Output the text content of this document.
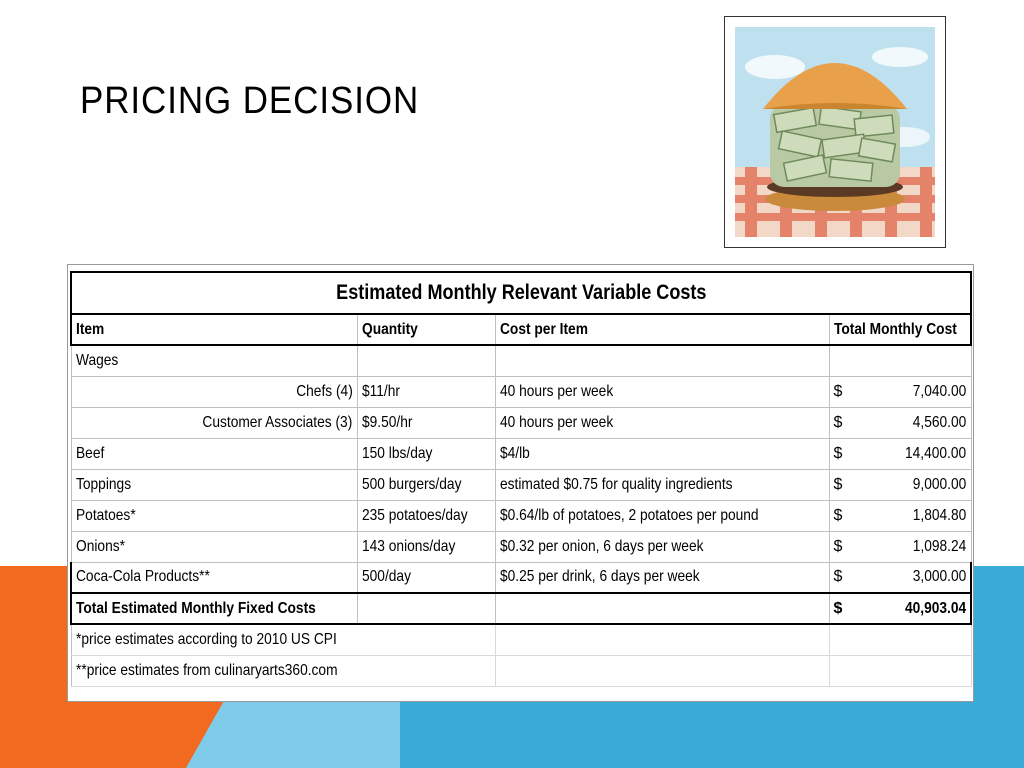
PRICING DECISION
Estimated Monthly Relevant Variable Costs			
Item	Quantity	Cost per Item	Total Monthly Cost
Wages			

Chefs (4)	$11/hr	40 hours per week	$ 7,040.00

Customer Associates (3)	$9.50/hr	40 hours per week	$ 4,560.00

Beef	150 lbs/day	$4/lb	$ 14,400.00

Toppings	500 burgers/day	estimated $0.75 for quality ingredients	$ 9,000.00

Potatoes*	235 potatoes/day	$0.64/lb of potatoes, 2 potatoes per pound	$ 1,804.80

Onions*	143 onions/day	$0.32 per onion, 6 days per week	$ 1,098.24

Coca-Cola Products**	500/day	$0.25 per drink, 6 days per week	$ 3,000.00

Total Estimated Monthly Fixed Costs			$ 40,903.04

*price estimates according to 2010 US CPI			
**price estimates from culinaryarts360.com			
